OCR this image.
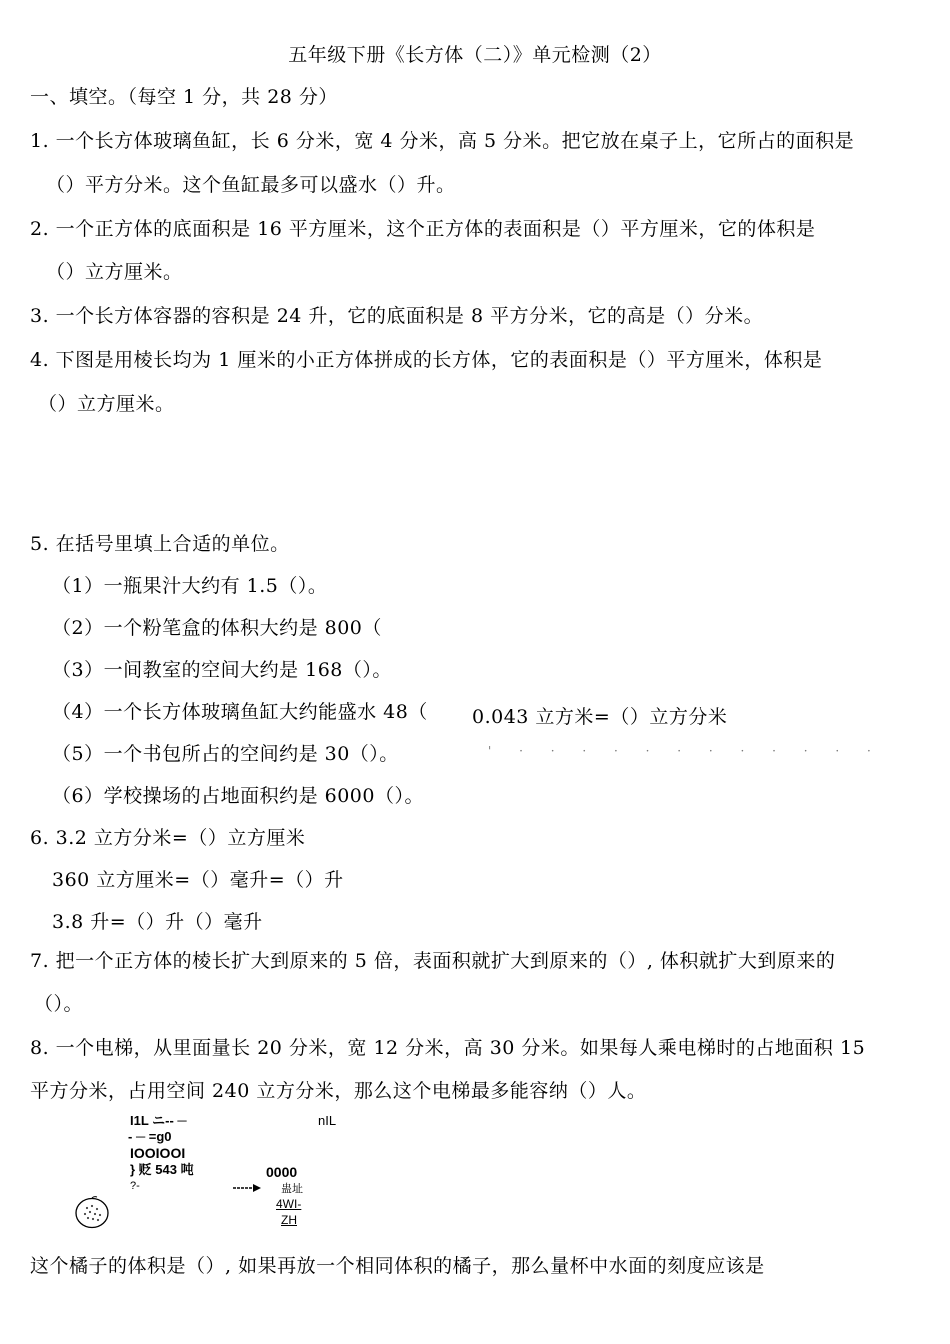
五年级下册《长方体（二）》单元检测（2）
一、填空。（每空 1 分，共 28 分）
1. 一个长方体玻璃鱼缸，长 6 分米，宽 4 分米，高 5 分米。把它放在桌子上，它所占的面积是
（）平方分米。这个鱼缸最多可以盛水（）升。
2. 一个正方体的底面积是 16 平方厘米，这个正方体的表面积是（）平方厘米，它的体积是
（）立方厘米。
3. 一个长方体容器的容积是 24 升，它的底面积是 8 平方分米，它的高是（）分米。
4. 下图是用棱长均为 1 厘米的小正方体拼成的长方体，它的表面积是（）平方厘米，体积是
（）立方厘米。
5. 在括号里填上合适的单位。
（1）一瓶果汁大约有 1.5（）。
（2）一个粉笔盒的体积大约是 800（
（3）一间教室的空间大约是 168（）。
（4）一个长方体玻璃鱼缸大约能盛水 48（
（5）一个书包所占的空间约是 30（）。
（6）学校操场的占地面积约是 6000（）。
0.043 立方米=（）立方分米
' · · · · · · · · · · · ·
6. 3.2 立方分米=（）立方厘米
360 立方厘米=（）毫升=（）升
3.8 升=（）升（）毫升
7. 把一个正方体的棱长扩大到原来的 5 倍，表面积就扩大到原来的（）, 体积就扩大到原来的
（）。
8. 一个电梯，从里面量长 20 分米，宽 12 分米，高 30 分米。如果每人乘电梯时的占地面积 15
平方分米，占用空间 240 立方分米，那么这个电梯最多能容纳（）人。
I1L ニ-- ─
- ─ =g0
IOOIOOI
} 贬 543 吨
?-
nIL
0000
蛊址
4WI-
ZH
这个橘子的体积是（）, 如果再放一个相同体积的橘子，那么量杯中水面的刻度应该是
